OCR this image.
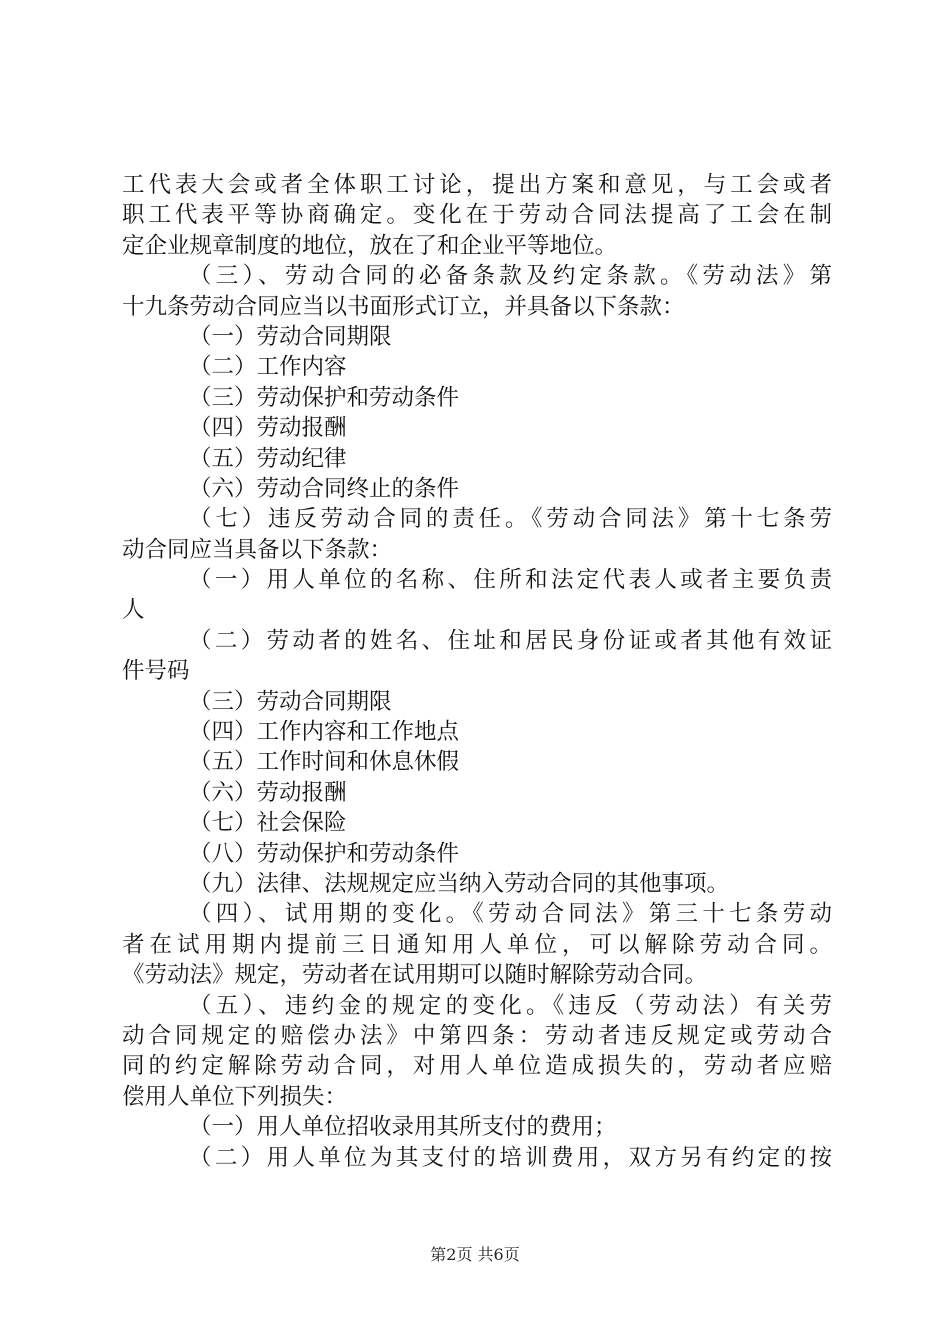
工代表大会或者全体职工讨论，提出方案和意见，与工会或者
职工代表平等协商确定。变化在于劳动合同法提高了工会在制
定企业规章制度的地位，放在了和企业平等地位。
（三）、劳动合同的必备条款及约定条款。《劳动法》第
十九条劳动合同应当以书面形式订立，并具备以下条款：
（一）劳动合同期限
（二）工作内容
（三）劳动保护和劳动条件
（四）劳动报酬
（五）劳动纪律
（六）劳动合同终止的条件
（七）违反劳动合同的责任。《劳动合同法》第十七条劳
动合同应当具备以下条款：
（一）用人单位的名称、住所和法定代表人或者主要负责
人
（二）劳动者的姓名、住址和居民身份证或者其他有效证
件号码
（三）劳动合同期限
（四）工作内容和工作地点
（五）工作时间和休息休假
（六）劳动报酬
（七）社会保险
（八）劳动保护和劳动条件
（九）法律、法规规定应当纳入劳动合同的其他事项。
（四）、试用期的变化。《劳动合同法》第三十七条劳动
者在试用期内提前三日通知用人单位，可以解除劳动合同。
《劳动法》规定，劳动者在试用期可以随时解除劳动合同。
（五）、违约金的规定的变化。《违反（劳动法）有关劳
动合同规定的赔偿办法》中第四条：劳动者违反规定或劳动合
同的约定解除劳动合同，对用人单位造成损失的，劳动者应赔
偿用人单位下列损失：
（一）用人单位招收录用其所支付的费用；
（二）用人单位为其支付的培训费用，双方另有约定的按
第2页 共6页
